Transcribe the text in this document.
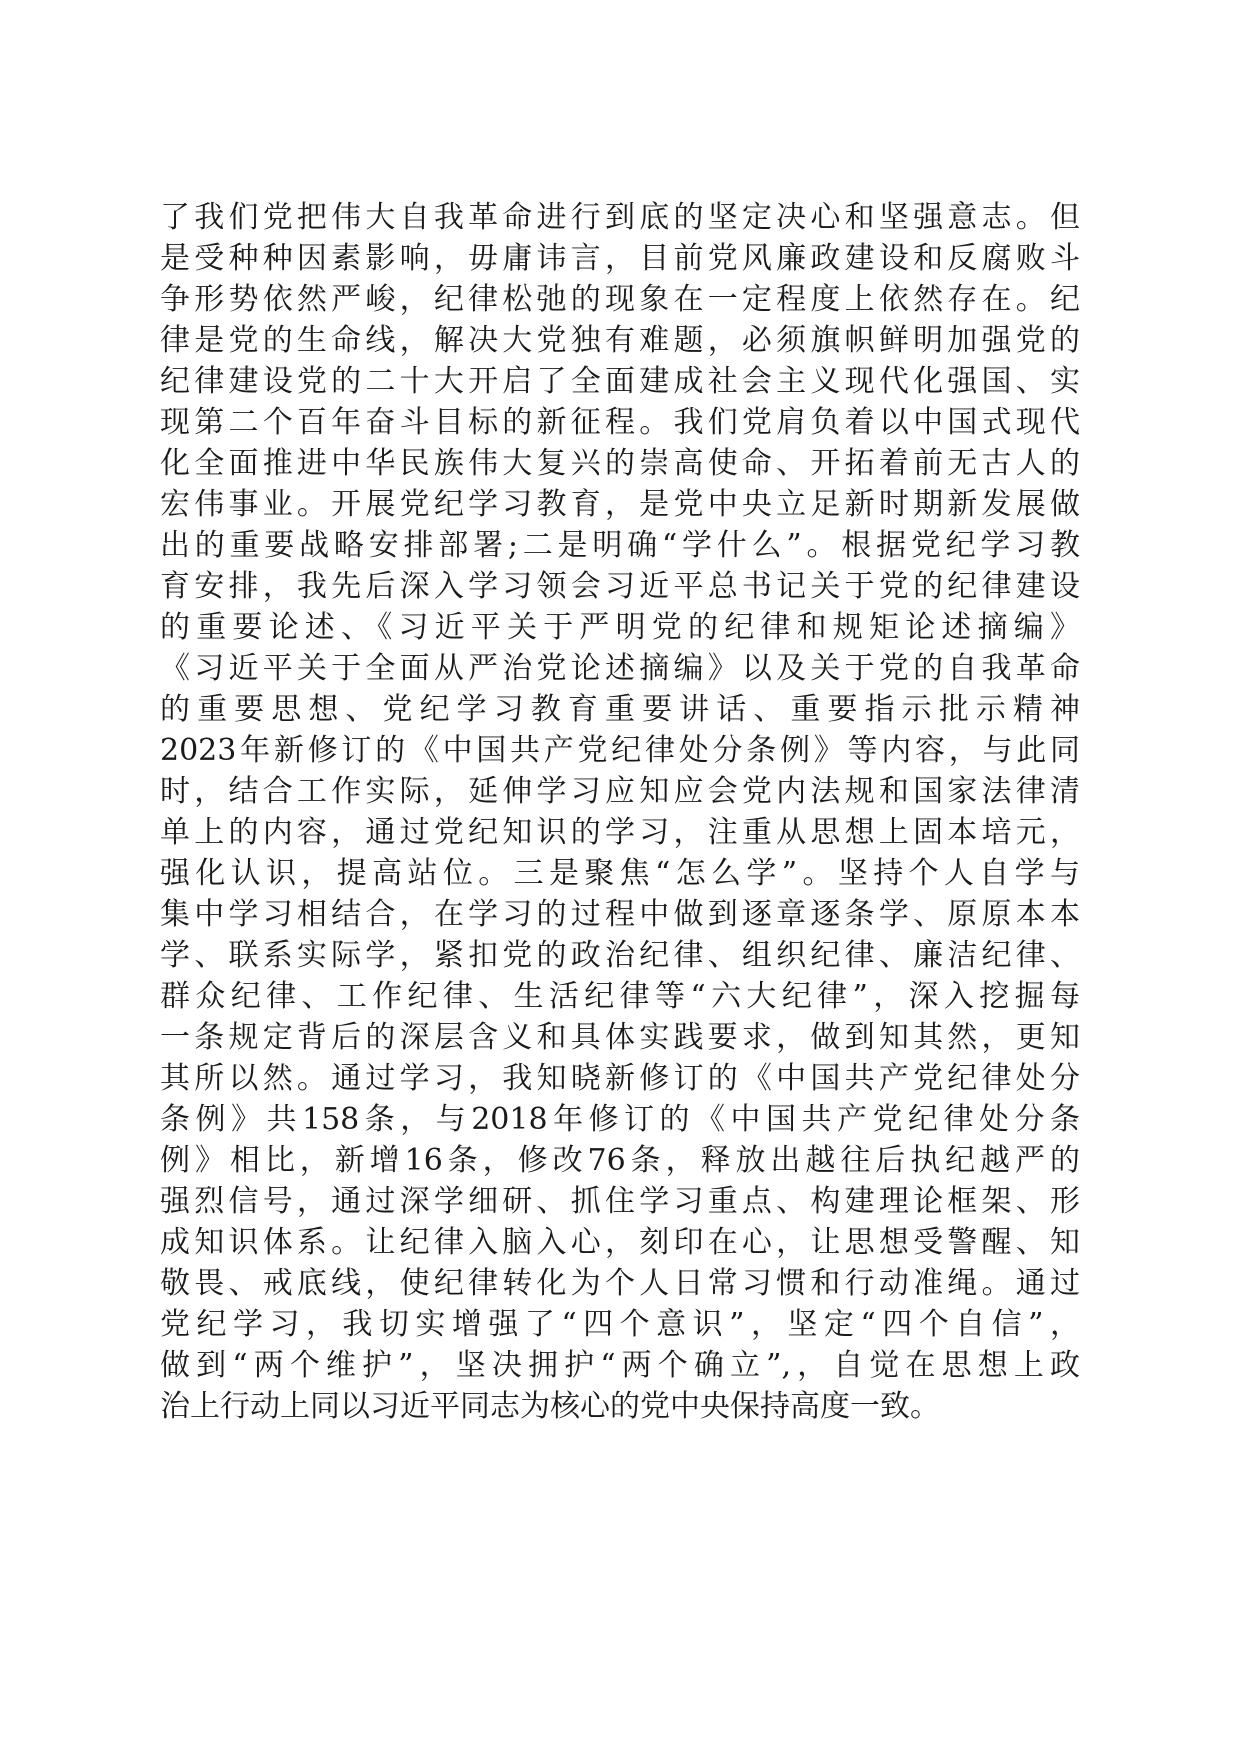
了我们党把伟大自我革命进行到底的坚定决心和坚强意志。但
是受种种因素影响，毋庸讳言，目前党风廉政建设和反腐败斗
争形势依然严峻，纪律松弛的现象在一定程度上依然存在。纪
律是党的生命线，解决大党独有难题，必须旗帜鲜明加强党的
纪律建设党的二十大开启了全面建成社会主义现代化强国、实
现第二个百年奋斗目标的新征程。我们党肩负着以中国式现代
化全面推进中华民族伟大复兴的崇高使命、开拓着前无古人的
宏伟事业。开展党纪学习教育，是党中央立足新时期新发展做
出的重要战略安排部署;二是明确“学什么”。根据党纪学习教
育安排，我先后深入学习领会习近平总书记关于党的纪律建设
的重要论述、《习近平关于严明党的纪律和规矩论述摘编》
《习近平关于全面从严治党论述摘编》以及关于党的自我革命
的重要思想、党纪学习教育重要讲话、重要指示批示精神
2023年新修订的《中国共产党纪律处分条例》等内容，与此同
时，结合工作实际，延伸学习应知应会党内法规和国家法律清
单上的内容，通过党纪知识的学习，注重从思想上固本培元，
强化认识，提高站位。三是聚焦“怎么学”。坚持个人自学与
集中学习相结合，在学习的过程中做到逐章逐条学、原原本本
学、联系实际学，紧扣党的政治纪律、组织纪律、廉洁纪律、
群众纪律、工作纪律、生活纪律等“六大纪律”，深入挖掘每
一条规定背后的深层含义和具体实践要求，做到知其然，更知
其所以然。通过学习，我知晓新修订的《中国共产党纪律处分
条例》共158条，与2018年修订的《中国共产党纪律处分条
例》相比，新增16条，修改76条，释放出越往后执纪越严的
强烈信号，通过深学细研、抓住学习重点、构建理论框架、形
成知识体系。让纪律入脑入心，刻印在心，让思想受警醒、知
敬畏、戒底线，使纪律转化为个人日常习惯和行动准绳。通过
党纪学习，我切实增强了“四个意识”，坚定“四个自信”，
做到“两个维护”，坚决拥护“两个确立”,，自觉在思想上政
治上行动上同以习近平同志为核心的党中央保持高度一致。
